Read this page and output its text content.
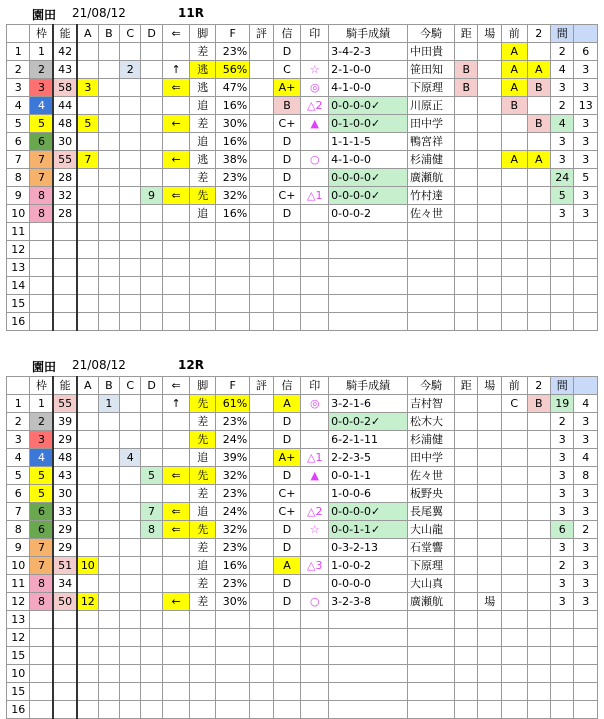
園田 21/08/12	11R
	枠	能	A	B	C	D	⇐	脚	F	評	信	印	騎手成績	今騎	距	場	前	2	間	
1	1	42						差	23%		D		3-4-2-3	中田貴			A		2	6
2	2	43			2		↑	逃	56%		C	☆	2-1-0-0	笹田知	B		A	A	4	3
3	3	58	3				⇐	逃	47%		A+	◎	4-1-0-0	下原理	B		A	B	3	3
4	4	44						追	16%		B	△2	0-0-0-0✓	川原正			B		2	13
5	5	48	5				←	差	30%		C+	▲	0-1-0-0✓	田中学				B	4	3
6	6	30						追	16%		D		1-1-1-5	鴨宮祥					3	3
7	7	55	7				←	逃	38%		D	○	4-1-0-0	杉浦健			A	A	3	3
8	7	28						差	23%		D		0-0-0-0✓	廣瀬航					24	5
9	8	32				9	⇐	先	32%		C+	△1	0-0-0-0✓	竹村達					5	3
10	8	28						追	16%		D		0-0-0-2	佐々世					3	3
11																				
12																				
13																				
14																				
15																				
16																				
園田 21/08/12	12R
	枠	能	A	B	C	D	⇐	脚	F	評	信	印	騎手成績	今騎	距	場	前	2	間	
1	1	55		1			↑	先	61%		A	◎	3-2-1-6	吉村智			C	B	19	4
2	2	39						差	23%		D		0-0-0-2✓	松木大					2	3
3	3	29						先	24%		D		6-2-1-11	杉浦健					3	3
4	4	48			4			追	39%		A+	△1	2-2-3-5	田中学					3	4
5	5	43				5	⇐	先	32%		D	▲	0-0-1-1	佐々世					3	8
6	5	30						差	23%		C+		1-0-0-6	板野央					3	3
7	6	33				7	⇐	追	24%		C+	△2	0-0-0-0✓	長尾翼					3	3
8	6	29				8	⇐	先	32%		D	☆	0-0-1-1✓	大山龍					6	2
9	7	29						差	23%		D		0-3-2-13	石堂響					3	3
10	7	51	10					追	16%		A	△3	1-0-0-2	下原理					2	3
11	8	34						差	23%		D		0-0-0-0	大山真					3	3
12	8	50	12				←	差	30%		D	○	3-2-3-8	廣瀬航		場			3	3
13																				
12																				
15																				
10																				
15																				
16																				
